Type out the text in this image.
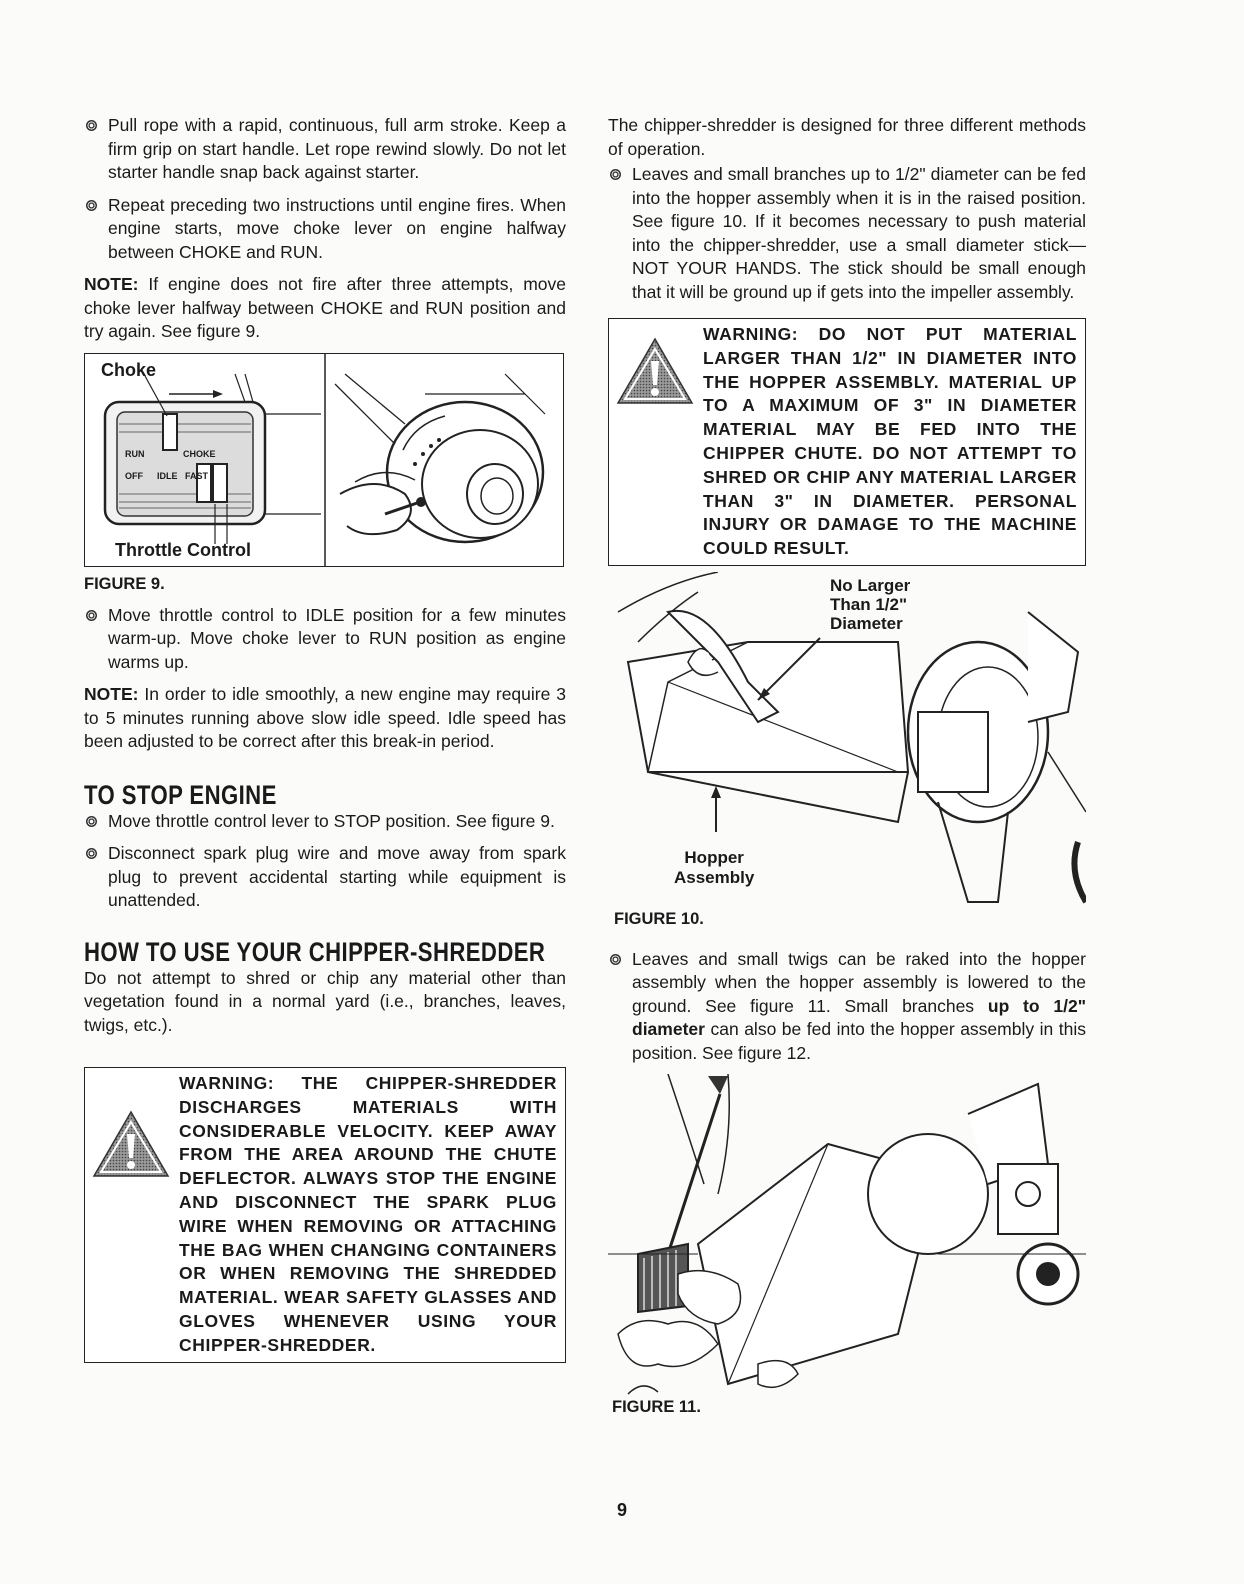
Pull rope with a rapid, continuous, full arm stroke. Keep a firm grip on start handle. Let rope rewind slowly. Do not let starter handle snap back against starter.

Repeat preceding two instructions until engine fires. When engine starts, move choke lever on engine halfway between CHOKE and RUN.

NOTE: If engine does not fire after three attempts, move choke lever halfway between CHOKE and RUN position and try again. See figure 9.

Choke
RUN	CHOKE
OFF IDLE FAST
Throttle Control
FIGURE 9.

Move throttle control to IDLE position for a few minutes warm-up. Move choke lever to RUN position as engine warms up.

NOTE: In order to idle smoothly, a new engine may require 3 to 5 minutes running above slow idle speed. Idle speed has been adjusted to be correct after this break-in period.

TO STOP ENGINE

Move throttle control lever to STOP position. See figure 9.

Disconnect spark plug wire and move away from spark plug to prevent accidental starting while equipment is unattended.

HOW TO USE YOUR CHIPPER-SHREDDER

Do not attempt to shred or chip any material other than vegetation found in a normal yard (i.e., branches, leaves, twigs, etc.).

WARNING: THE CHIPPER-SHREDDER DISCHARGES MATERIALS WITH CONSIDERABLE VELOCITY. KEEP AWAY FROM THE AREA AROUND THE CHUTE DEFLECTOR. ALWAYS STOP THE ENGINE AND DISCONNECT THE SPARK PLUG WIRE WHEN REMOVING OR ATTACHING THE BAG WHEN CHANGING CONTAINERS OR WHEN REMOVING THE SHREDDED MATERIAL. WEAR SAFETY GLASSES AND GLOVES WHENEVER USING YOUR CHIPPER-SHREDDER.

The chipper-shredder is designed for three different methods of operation.

Leaves and small branches up to 1/2" diameter can be fed into the hopper assembly when it is in the raised position. See figure 10. If it becomes necessary to push material into the chipper-shredder, use a small diameter stick—NOT YOUR HANDS. The stick should be small enough that it will be ground up if gets into the impeller assembly.

WARNING: DO NOT PUT MATERIAL LARGER THAN 1/2" IN DIAMETER INTO THE HOPPER ASSEMBLY. MATERIAL UP TO A MAXIMUM OF 3" IN DIAMETER MATERIAL MAY BE FED INTO THE CHIPPER CHUTE. DO NOT ATTEMPT TO SHRED OR CHIP ANY MATERIAL LARGER THAN 3" IN DIAMETER. PERSONAL INJURY OR DAMAGE TO THE MACHINE COULD RESULT.
No Larger
Than 1/2"
Diameter
Hopper
Assembly
FIGURE 10.

Leaves and small twigs can be raked into the hopper assembly when the hopper assembly is lowered to the ground. See figure 11. Small branches up to 1/2" diameter can also be fed into the hopper assembly in this position. See figure 12.

FIGURE 11.
9
